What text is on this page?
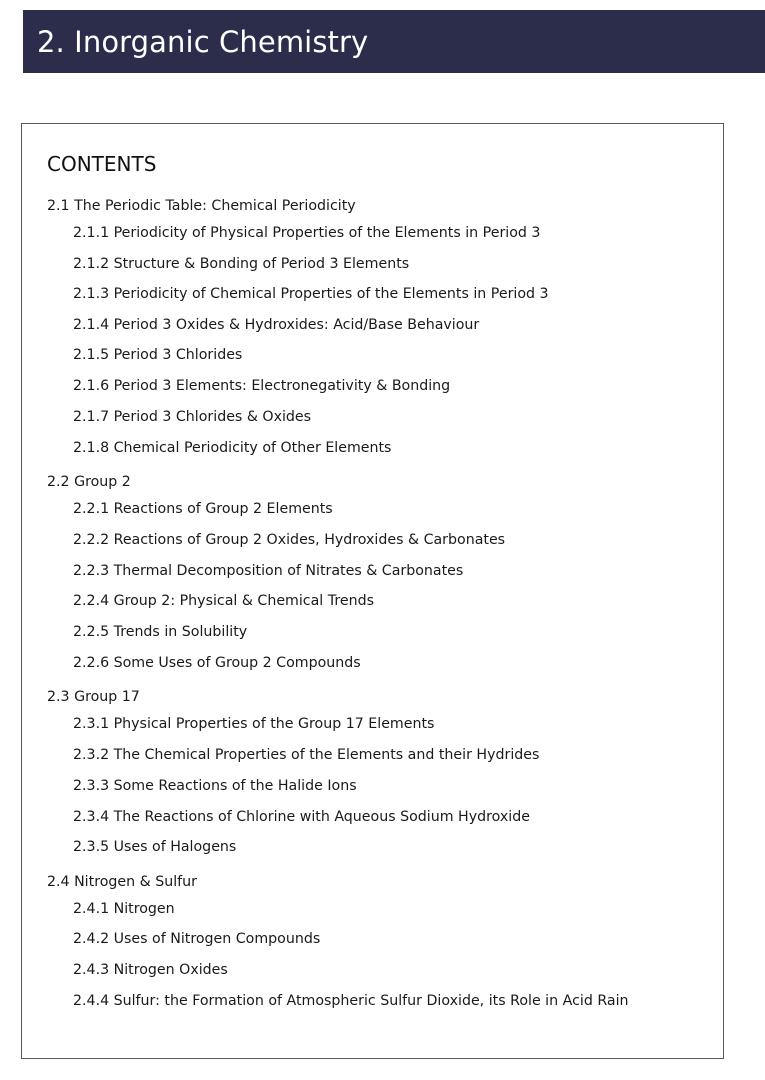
2. Inorganic Chemistry
CONTENTS
2.1 The Periodic Table: Chemical Periodicity
2.1.1 Periodicity of Physical Properties of the Elements in Period 3
2.1.2 Structure & Bonding of Period 3 Elements
2.1.3 Periodicity of Chemical Properties of the Elements in Period 3
2.1.4 Period 3 Oxides & Hydroxides: Acid/Base Behaviour
2.1.5 Period 3 Chlorides
2.1.6 Period 3 Elements: Electronegativity & Bonding
2.1.7 Period 3 Chlorides & Oxides
2.1.8 Chemical Periodicity of Other Elements
2.2 Group 2
2.2.1 Reactions of Group 2 Elements
2.2.2 Reactions of Group 2 Oxides, Hydroxides & Carbonates
2.2.3 Thermal Decomposition of Nitrates & Carbonates
2.2.4 Group 2: Physical & Chemical Trends
2.2.5 Trends in Solubility
2.2.6 Some Uses of Group 2 Compounds
2.3 Group 17
2.3.1 Physical Properties of the Group 17 Elements
2.3.2 The Chemical Properties of the Elements and their Hydrides
2.3.3 Some Reactions of the Halide Ions
2.3.4 The Reactions of Chlorine with Aqueous Sodium Hydroxide
2.3.5 Uses of Halogens
2.4 Nitrogen & Sulfur
2.4.1 Nitrogen
2.4.2 Uses of Nitrogen Compounds
2.4.3 Nitrogen Oxides
2.4.4 Sulfur: the Formation of Atmospheric Sulfur Dioxide, its Role in Acid Rain
